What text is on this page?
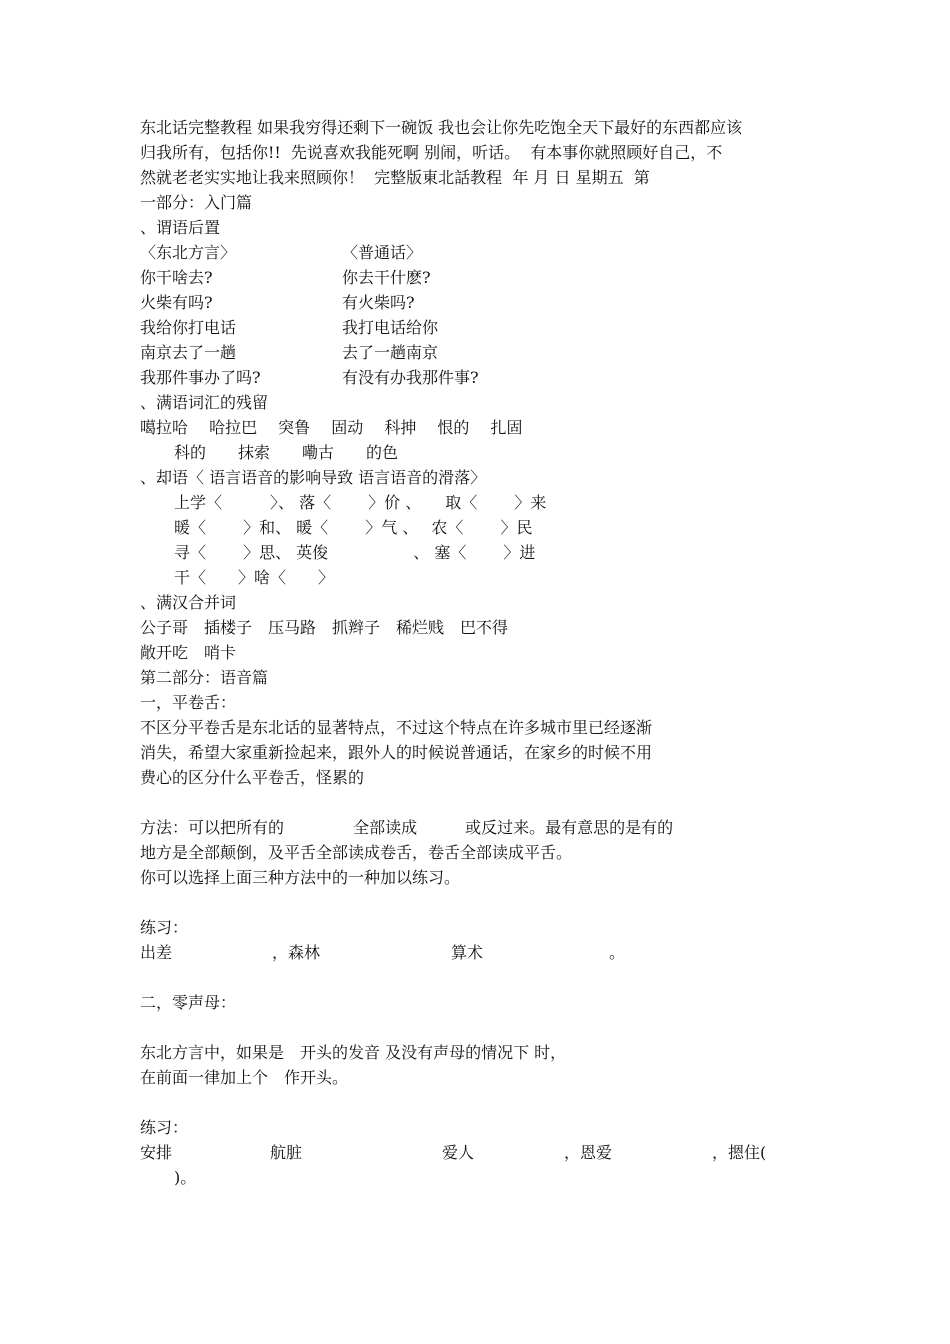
东北话完整教程 如果我穷得还剩下一碗饭 我也会让你先吃饱全天下最好的东西都应该
归我所有，包括你!!  先说喜欢我能死啊 别闹，听话。  有本事你就照顾好自己，不
然就老老实实地让我来照顾你！  完整版東北話教程  年 月 日 星期五  第
一部分：入门篇
、谓语后置
〈东北方言〉	〈普通话〉
你干啥去?	你去干什麽?
火柴有吗?	有火柴吗?
我给你打电话	我打电话给你
南京去了一趟	去了一趟南京
我那件事办了吗?	有没有办我那件事?
、满语词汇的残留
噶拉哈　 哈拉巴　 突鲁　 固动　 科抻　 恨的　 扎固
科的　　抹索　　嘞古　　的色
、却语〈 语言语音的影响导致 语言语音的滑落〉
上学〈　　　〉、 落〈　　 〉价 、　　取〈　　 〉来
暖〈　　 〉和、 暖〈　　 〉气 、　 农〈　　 〉民
寻〈　　 〉思、 英俊　　　　　 、 塞〈　　 〉进
干〈　　〉啥〈　　〉
、满汉合并词
公子哥　插楼子　压马路　抓辫子　稀烂贱　巴不得
敞开吃　哨卡
第二部分：语音篇
一，平卷舌：
不区分平卷舌是东北话的显著特点，不过这个特点在许多城市里已经逐渐
消失，希望大家重新捡起来，跟外人的时候说普通话，在家乡的时候不用
费心的区分什么平卷舌，怪累的
方法：可以把所有的　　　　 全部读成　　　或反过来。最有意思的是有的
地方是全部颠倒，及平舌全部读成卷舌，卷舌全部读成平舌。
你可以选择上面三种方法中的一种加以练习。
练习：
出差	，森林	算术	。
二，零声母：
东北方言中，如果是　开头的发音 及没有声母的情况下 时，
在前面一律加上个　作开头。
练习：
安排	航脏	爱人	，恩爱	，摁住(
)。
